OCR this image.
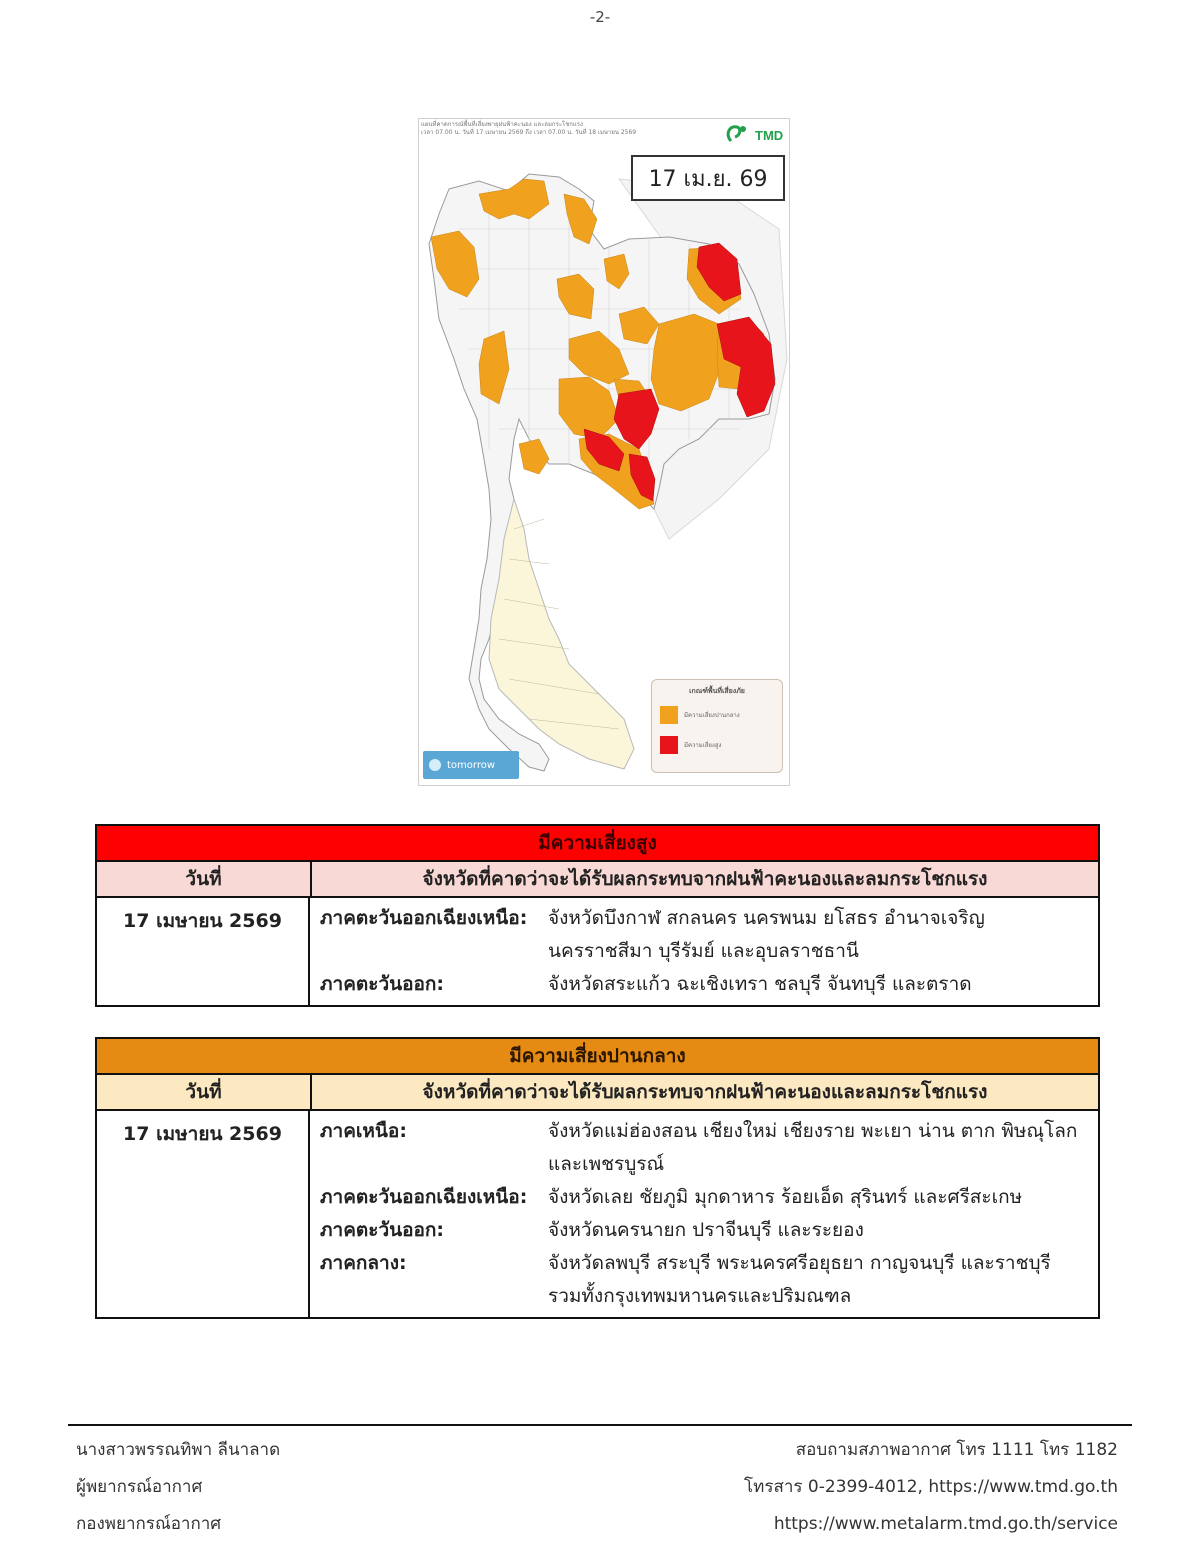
-2-
แผนที่คาดการณ์พื้นที่เสี่ยงพายุฝนฟ้าคะนอง และลมกระโชกแรง
เวลา 07.00 น. วันที่ 17 เมษายน 2569 ถึง เวลา 07.00 น. วันที่ 18 เมษายน 2569	TMD
17 เม.ย. 69
เกณฑ์พื้นที่เสี่ยงภัย
มีความเสี่ยงปานกลาง
มีความเสี่ยงสูง
tomorrow
มีความเสี่ยงสูง
วันที่	จังหวัดที่คาดว่าจะได้รับผลกระทบจากฝนฟ้าคะนองและลมกระโชกแรง
17 เมษายน 2569	ภาคตะวันออกเฉียงเหนือ:	จังหวัดบึงกาฬ สกลนคร นครพนม ยโสธร อำนาจเจริญ นครราชสีมา บุรีรัมย์ และอุบลราชธานี
ภาคตะวันออก:	จังหวัดสระแก้ว ฉะเชิงเทรา ชลบุรี จันทบุรี และตราด
มีความเสี่ยงปานกลาง
วันที่	จังหวัดที่คาดว่าจะได้รับผลกระทบจากฝนฟ้าคะนองและลมกระโชกแรง
17 เมษายน 2569	ภาคเหนือ:	จังหวัดแม่ฮ่องสอน เชียงใหม่ เชียงราย พะเยา น่าน ตาก พิษณุโลก และเพชรบูรณ์
ภาคตะวันออกเฉียงเหนือ:	จังหวัดเลย ชัยภูมิ มุกดาหาร ร้อยเอ็ด สุรินทร์ และศรีสะเกษ
ภาคตะวันออก:	จังหวัดนครนายก ปราจีนบุรี และระยอง
ภาคกลาง:	จังหวัดลพบุรี สระบุรี พระนครศรีอยุธยา กาญจนบุรี และราชบุรี รวมทั้งกรุงเทพมหานครและปริมณฑล
นางสาวพรรณทิพา ลีนาลาด
ผู้พยากรณ์อากาศ
กองพยากรณ์อากาศ
สอบถามสภาพอากาศ โทร 1111 โทร 1182
โทรสาร 0-2399-4012, https://www.tmd.go.th
https://www.metalarm.tmd.go.th/service
